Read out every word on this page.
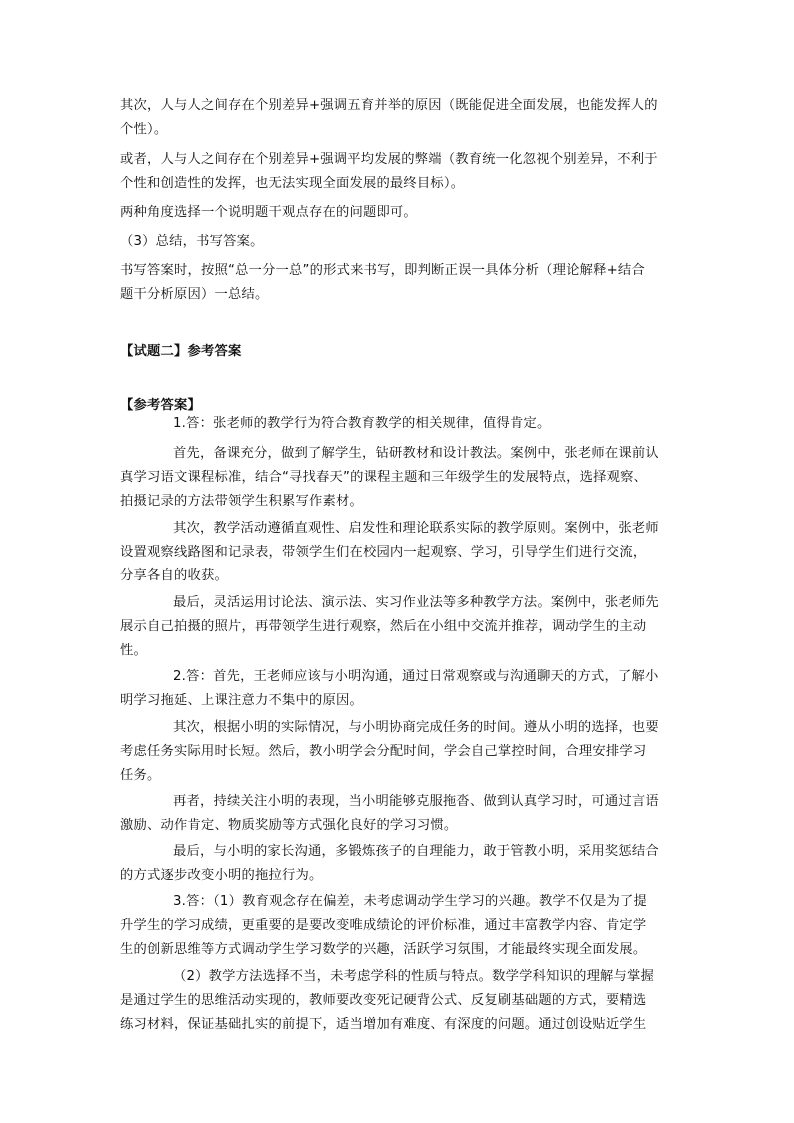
其次，人与人之间存在个别差异+强调五育并举的原因（既能促进全面发展，也能发挥人的
个性）。
或者，人与人之间存在个别差异+强调平均发展的弊端（教育统一化忽视个别差异，不利于
个性和创造性的发挥，也无法实现全面发展的最终目标）。
两种角度选择一个说明题干观点存在的问题即可。
（3）总结，书写答案。
书写答案时，按照“总一分一总”的形式来书写，即判断正误一具体分析（理论解释+结合
题干分析原因）一总结。
【试题二】参考答案
【参考答案】
1.答：张老师的教学行为符合教育教学的相关规律，值得肯定。
首先，备课充分，做到了解学生，钻研教材和设计教法。案例中，张老师在课前认
真学习语文课程标准，结合“寻找春天”的课程主题和三年级学生的发展特点，选择观察、
拍摄记录的方法带领学生积累写作素材。
其次，教学活动遵循直观性、启发性和理论联系实际的教学原则。案例中，张老师
设置观察线路图和记录表，带领学生们在校园内一起观察、学习，引导学生们进行交流，
分享各自的收获。
最后，灵活运用讨论法、演示法、实习作业法等多种教学方法。案例中，张老师先
展示自己拍摄的照片，再带领学生进行观察，然后在小组中交流并推荐，调动学生的主动
性。
2.答：首先，王老师应该与小明沟通，通过日常观察或与沟通聊天的方式，了解小
明学习拖延、上课注意力不集中的原因。
其次，根据小明的实际情况，与小明协商完成任务的时间。遵从小明的选择，也要
考虑任务实际用时长短。然后，教小明学会分配时间，学会自己掌控时间，合理安排学习
任务。
再者，持续关注小明的表现，当小明能够克服拖沓、做到认真学习时，可通过言语
激励、动作肯定、物质奖励等方式强化良好的学习习惯。
最后，与小明的家长沟通，多锻炼孩子的自理能力，敢于管教小明，采用奖惩结合
的方式逐步改变小明的拖拉行为。
3.答：（1）教育观念存在偏差，未考虑调动学生学习的兴趣。教学不仅是为了提
升学生的学习成绩，更重要的是要改变唯成绩论的评价标准，通过丰富教学内容、肯定学
生的创新思维等方式调动学生学习数学的兴趣，活跃学习氛围，才能最终实现全面发展。
（2）教学方法选择不当，未考虑学科的性质与特点。数学学科知识的理解与掌握
是通过学生的思维活动实现的，教师要改变死记硬背公式、反复刷基础题的方式，要精选
练习材料，保证基础扎实的前提下，适当增加有难度、有深度的问题。通过创设贴近学生
